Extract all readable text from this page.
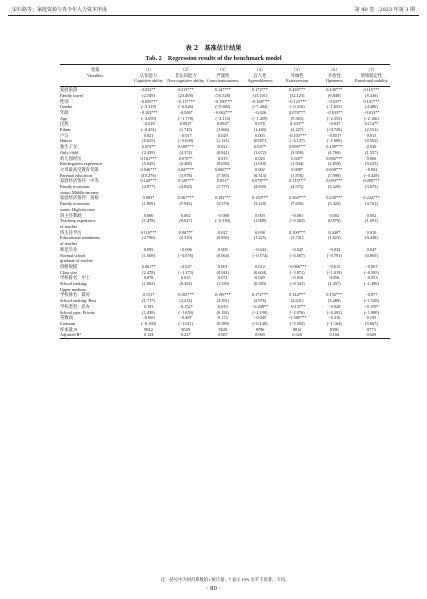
宋石路等：家庭资源与青少年人力资本形成	第 40 卷　2023 年第 3 期
表 2　基准估计结果
Tab. 2　Regression results of the benchmark model
变量	（1）	（2）	（3）	（4）	（5）	（6）	（7）
Variables	认知能力	非认知能力	严谨性	宜人性	外倾性	开放性	情绪稳定性
	Cognitive ability	Non-cognitive ability	Conscientiousness	Agreeableness	Extraversion	Openness	Emotional stability
家庭旅游	0.032**	0.315***	0.147***	0.172***	0.439***	0.130***	0.115***
Family travel	(2.549)	(23.408)	(10.528)	(13.101)	(32.125)	(9.848)	(8.436)
性别	−0.059***	−0.117***	−0.190***	−0.168***	−0.125***	−0.037*	0.101***
Gender	(−3.319)	(−6.626)	(−9.882)	(−7.484)	(−6.316)	(−1.655)	(4.486)
年龄	−0.103***	−0.026*	−0.062***	−0.026	0.078***	−0.033**	−0.033**
Age	(−4.695)	(−1.778)	(−4.116)	(−1.459)	(5.383)	(−2.353)	(−2.166)
民族	−0.018	0.092*	0.094*	0.078	0.103**	−0.037	0.114**
Ethnic	(−0.231)	(1.745)	(1.666)	(1.449)	(2.207)	(−0.729)	(2.551)
户口	0.021	−0.017	0.029	0.003	−0.103***	−0.051*	0.015
Hukou	(0.655)	(−0.639)	(1.121)	(0.087)	(−4.127)	(−1.889)	(0.563)
独生子女	0.074**	0.109***	0.022	0.047*	0.099***	0.139***	0.036
Only child	(2.439)	(4.374)	(0.841)	(1.672)	(3.958)	(4.766)	(1.557)
幼儿园经历	0.161***	0.070**	0.019	0.029	0.047*	0.082***	0.006
Kindergarten experience	(5.645)	(2.408)	(0.658)	(1.018)	(1.944)	(2.858)	(0.225)
父母最高受教育年限	0.046***	0.027***	0.036***	0.002	0.008*	0.039***	−0.002
Parental education	(10.276)	(5.978)	(7.385)	(0.313)	(1.876)	(7.998)	(−0.428)
家庭经济条件：中等	0.120***	0.120***	0.051*	0.078***	0.113***	0.093***	0.090***
Family economic	(4.877)	(4.820)	(1.777)	(2.839)	(4.975)	(3.320)	(3.075)
status: Middle-income							
家庭经济条件：富裕	0.083*	0.367***	0.192***	0.150***	0.360***	0.238***	0.224***
Family economic	(1.899)	(7.943)	(3.579)	(3.418)	(7.658)	(5.420)	(4.701)
status: High-income							
班主任教龄	0.006	0.002	−0.000	0.003	−0.001	0.002	0.002
Teaching experience	(1.478)	(0.627)	(−0.183)	(1.088)	(−0.302)	(0.870)	(1.091)
of teacher							
班主任学历	0.116***	0.067**	0.027	0.038	0.100***	0.040*	0.010
Educational attainment	(2.796)	(2.310)	(0.856)	(1.225)	(3.741)	(1.823)	(0.449)
of teacher							
师范毕业	0.085	−0.006	0.005	−0.044	−0.047	−0.032	0.047
Normal school	(1.608)	(−0.076)	(0.064)	(−0.574)	(−0.687)	(−0.791)	(0.865)
graduate of teacher							
班级规模	0.061**	−0.027	0.001	0.012	−0.066***	−0.015	−0.007
Class size	(2.478)	(−1.375)	(0.041)	(0.604)	(−3.871)	(−1.019)	(−0.505)
学校排名：中上	0.078	0.015	0.071	0.029	−0.016	0.056	−0.053
School ranking:	(1.063)	(0.302)	(1.539)	(0.583)	(−0.341)	(1.437)	(−1.496)
Upper medium							
学校排名：最好	0.151*	0.183***	0.199***	0.172***	0.144***	0.152***	−0.077
School ranking: Best	(1.717)	(3.214)	(3.391)	(2.976)	(2.631)	(3.488)	(−1.528)
学校类型：民办	0.193	−0.152*	0.019	−0.208**	−0.137**	−0.020	−0.159*
School type: Private	(1.438)	(−1.659)	(0.181)	(−2.190)	(−2.076)	(−0.292)	(−1.880)
常数项	−0.069	−0.487	0.174	−0.045	−1.580***	−0.310	0.195
Constant	(−0.169)	(−1.611)	(0.589)	(−0.140)	(−5.592)	(−1.164)	(0.667)
样本量 N	8812	8029	8520	8786	8812	8390	8773
Adjusted R²	0.124	0.227	0.087	0.069	0.326	0.102	0.029
注：括号中为回归系数的 t 统计量；* 表示 10% 水平下显著，下同。
· 80 ·
